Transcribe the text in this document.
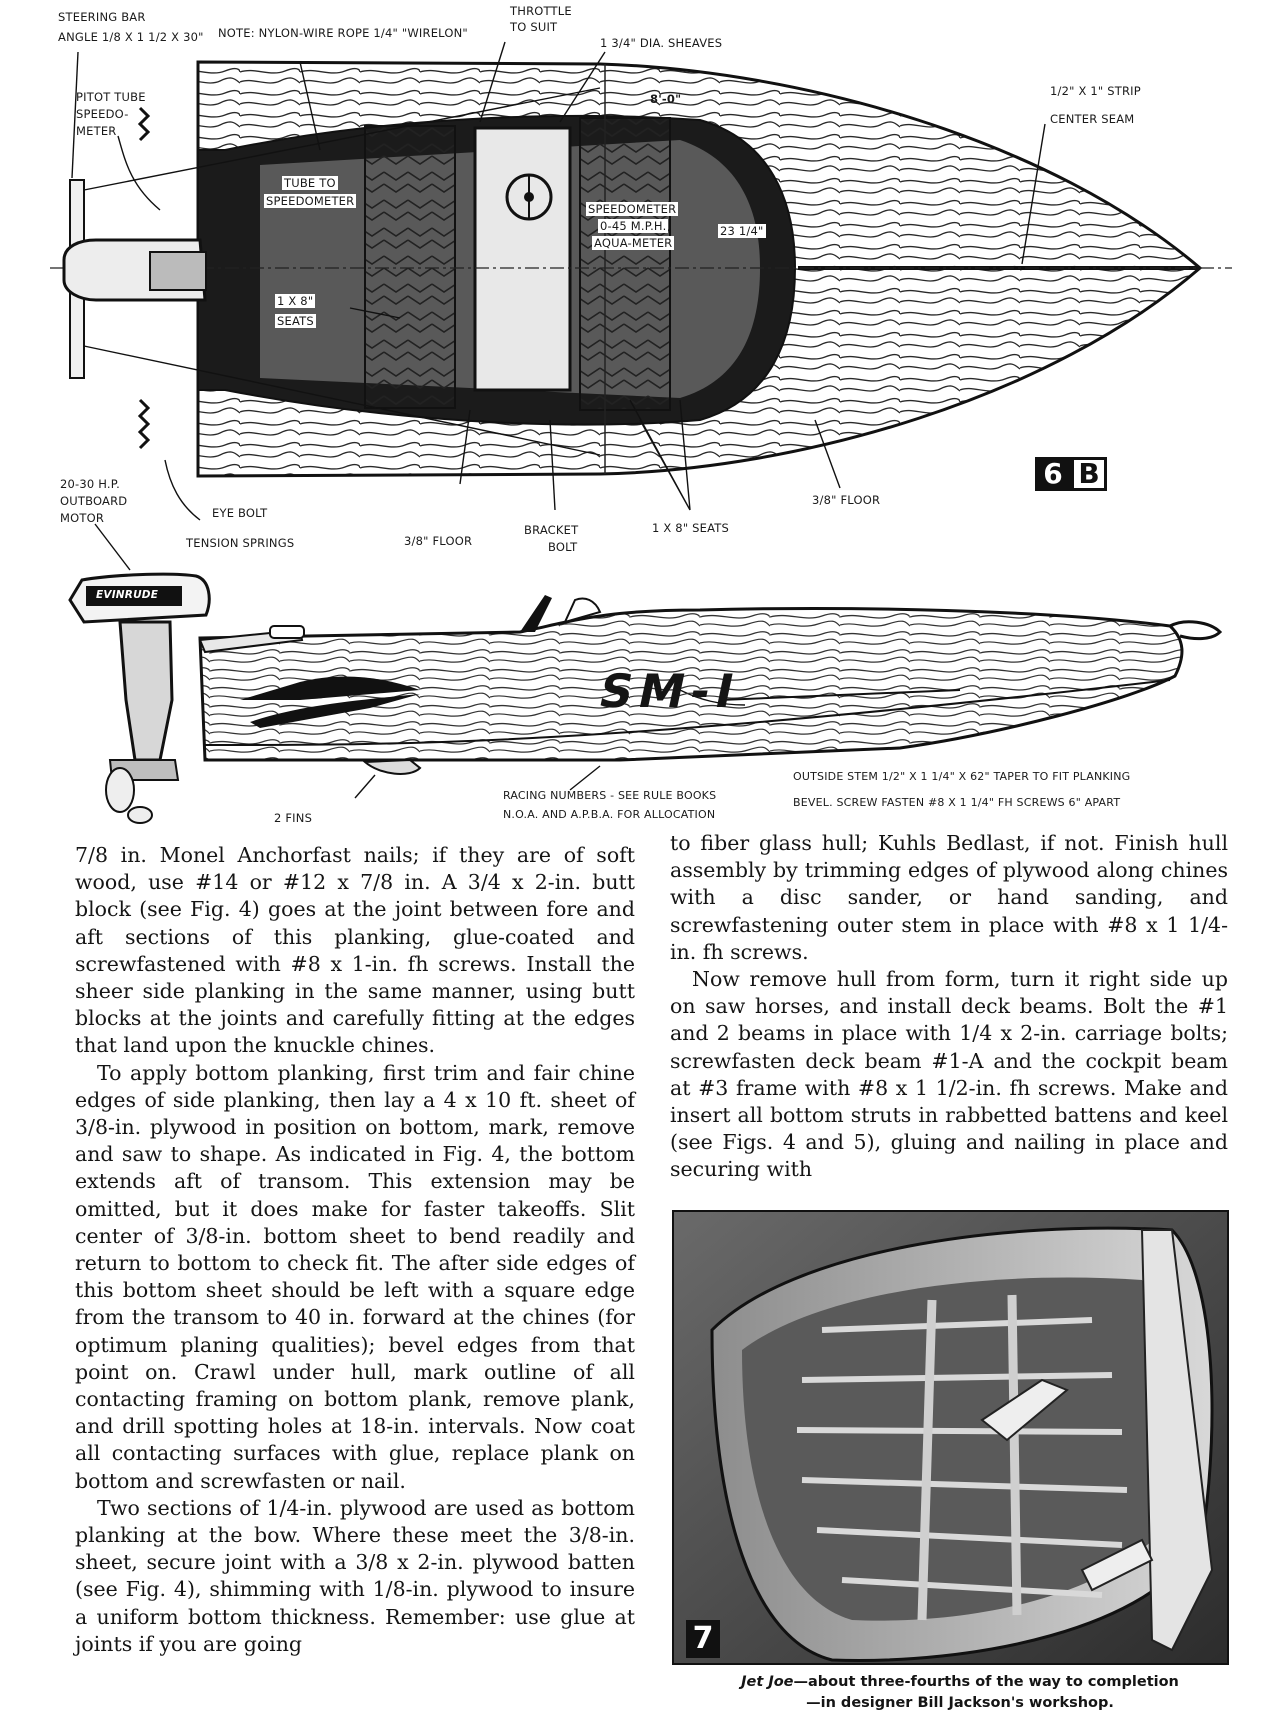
STEERING BAR
ANGLE 1/8 X 1 1/2 X 30" NOTE: NYLON-WIRE ROPE 1/4" "WIRELON"
THROTTLE
TO SUIT
1 3/4" DIA. SHEAVES
8'-0"
1/2" X 1" STRIP
CENTER SEAM
PITOT TUBE
SPEEDO-
METER
TUBE TO
SPEEDOMETER
SPEEDOMETER
0-45 M.P.H.
AQUA-METER
23 1/4"
1 X 8"
SEATS
20-30 H.P.
OUTBOARD
MOTOR	EYE BOLT
TENSION SPRINGS	3/8" FLOOR
BRACKET
BOLT
1 X 8" SEATS
3/8" FLOOR
6 B
EVINRUDE
SM-I
2 FINS
RACING NUMBERS - SEE RULE BOOKS
N.O.A. AND A.P.B.A. FOR ALLOCATION
OUTSIDE STEM 1/2" X 1 1/4" X 62" TAPER TO FIT PLANKING
BEVEL. SCREW FASTEN #8 X 1 1/4" FH SCREWS 6" APART

7/8 in. Monel Anchorfast nails; if they are of soft wood, use #14 or #12 x 7/8 in. A 3/4 x 2-in. butt block (see Fig. 4) goes at the joint between fore and aft sections of this planking, glue-coated and screwfastened with #8 x 1-in. fh screws. Install the sheer side planking in the same manner, using butt blocks at the joints and carefully fitting at the edges that land upon the knuckle chines.

To apply bottom planking, first trim and fair chine edges of side planking, then lay a 4 x 10 ft. sheet of 3/8-in. plywood in position on bottom, mark, remove and saw to shape. As indicated in Fig. 4, the bottom extends aft of transom. This extension may be omitted, but it does make for faster takeoffs. Slit center of 3/8-in. bottom sheet to bend readily and return to bottom to check fit. The after side edges of this bottom sheet should be left with a square edge from the transom to 40 in. forward at the chines (for optimum planing qualities); bevel edges from that point on. Crawl under hull, mark outline of all contacting framing on bottom plank, remove plank, and drill spotting holes at 18-in. intervals. Now coat all contacting surfaces with glue, replace plank on bottom and screwfasten or nail.

Two sections of 1/4-in. plywood are used as bottom planking at the bow. Where these meet the 3/8-in. sheet, secure joint with a 3/8 x 2-in. plywood batten (see Fig. 4), shimming with 1/8-in. plywood to insure a uniform bottom thickness. Remember: use glue at joints if you are going

to fiber glass hull; Kuhls Bedlast, if not. Finish hull assembly by trimming edges of plywood along chines with a disc sander, or hand sanding, and screwfastening outer stem in place with #8 x 1 1/4-in. fh screws.

Now remove hull from form, turn it right side up on saw horses, and install deck beams. Bolt the #1 and 2 beams in place with 1/4 x 2-in. carriage bolts; screwfasten deck beam #1-A and the cockpit beam at #3 frame with #8 x 1 1/2-in. fh screws. Make and insert all bottom struts in rabbetted battens and keel (see Figs. 4 and 5), gluing and nailing in place and securing with

7
Jet Joe—about three-fourths of the way to completion
—in designer Bill Jackson's workshop.
